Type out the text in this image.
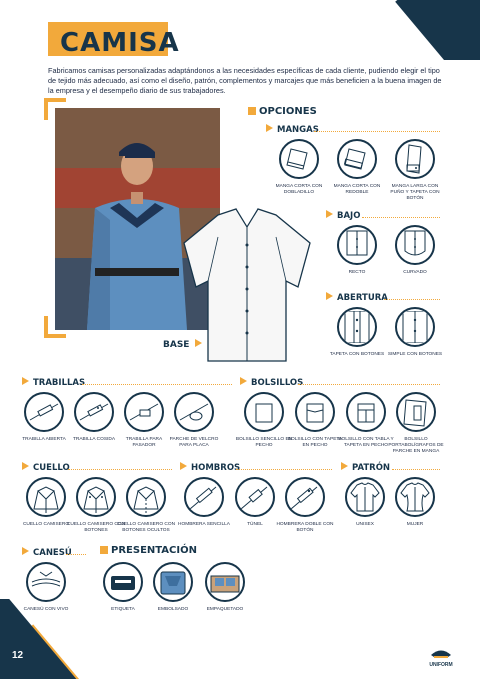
CAMISA

Fabricamos camisas personalizadas adaptándonos a las necesidades específicas de cada cliente, pudiendo elegir el tipo de tejido más adecuado, así como el diseño, patrón, complementos y marcajes que más beneficien a la buena imagen de la empresa y el desempeño diario de sus trabajadores.

BASE
OPCIONES
MANGAS
MANGA CORTA CON DOBLADILLO
MANGA CORTA CON REDOBLE
MANGA LARGA CON PUÑO Y TAPETA CON BOTÓN
BAJO
RECTO	CURVADO
ABERTURA
TAPETA CON BOTONES SIMPLE CON BOTONES
TRABILLAS
TRABILLA ABIERTA	TRABILLA COSIDA	TRABILLA PARA PASADOR
PARCHE DE VELCRO PARA PLACA
BOLSILLOS
BOLSILLO SENCILLO EN PECHO
BOLSILLO CON TAPETA EN PECHO
BOLSILLO CON TABLA Y TAPETA EN PECHO
BOLSILLO PORTABOLÍGRAFOS DE PARCHE EN MANGA
CUELLO
CUELLO CAMISERO
CUELLO CAMISERO CON BOTONES
CUELLO CAMISERO CON BOTONES OCULTOS
HOMBROS
HOMBRERA SENCILLA	TÚNEL	HOMBRERA DOBLE CON BOTÓN
PATRÓN
UNISEX	MUJER
CANESÚ
CANESÚ CON VIVO
PRESENTACIÓN
ETIQUETA	EMBOLSADO	EMPAQUETADO
12
UNIFORM
